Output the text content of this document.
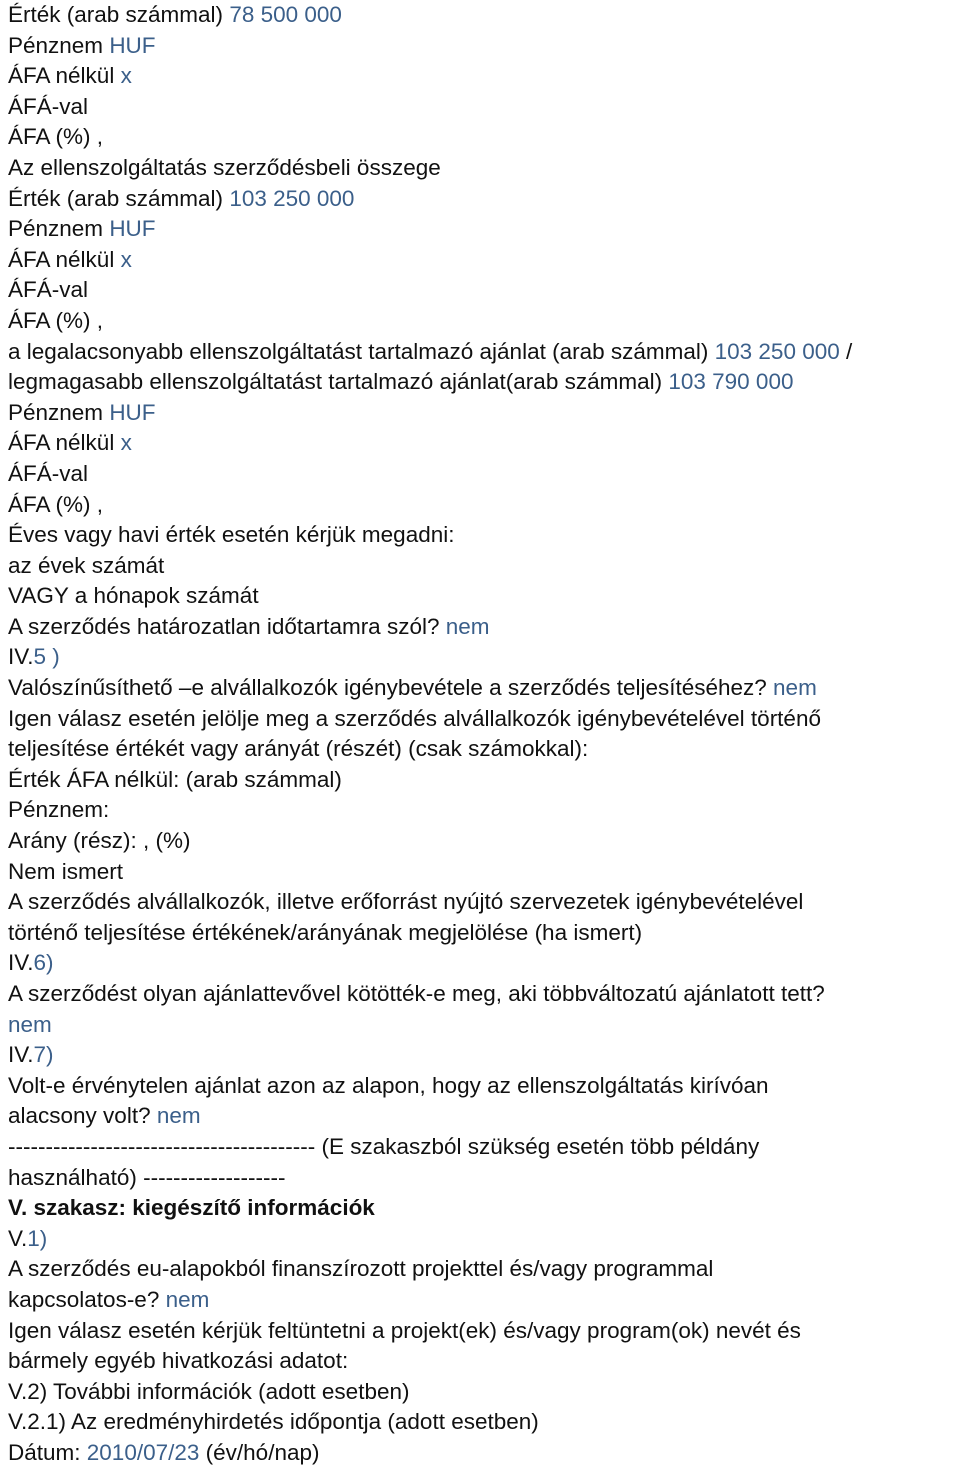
Érték (arab számmal) 78 500 000
Pénznem HUF
ÁFA nélkül x
ÁFÁ-val
ÁFA (%) ,
Az ellenszolgáltatás szerződésbeli összege
Érték (arab számmal) 103 250 000
Pénznem HUF
ÁFA nélkül x
ÁFÁ-val
ÁFA (%) ,
a legalacsonyabb ellenszolgáltatást tartalmazó ajánlat (arab számmal) 103 250 000 /
legmagasabb ellenszolgáltatást tartalmazó ajánlat(arab számmal) 103 790 000
Pénznem HUF
ÁFA nélkül x
ÁFÁ-val
ÁFA (%) ,
Éves vagy havi érték esetén kérjük megadni:
az évek számát
VAGY a hónapok számát
A szerződés határozatlan időtartamra szól? nem
IV.5 )
Valószínűsíthető –e alvállalkozók igénybevétele a szerződés teljesítéséhez? nem
Igen válasz esetén jelölje meg a szerződés alvállalkozók igénybevételével történő
teljesítése értékét vagy arányát (részét) (csak számokkal):
Érték ÁFA nélkül: (arab számmal)
Pénznem:
Arány (rész): , (%)
Nem ismert
A szerződés alvállalkozók, illetve erőforrást nyújtó szervezetek igénybevételével
történő teljesítése értékének/arányának megjelölése (ha ismert)
IV.6)
A szerződést olyan ajánlattevővel kötötték-e meg, aki többváltozatú ajánlatott tett?
nem
IV.7)
Volt-e érvénytelen ajánlat azon az alapon, hogy az ellenszolgáltatás kirívóan
alacsony volt? nem
----------------------------------------- (E szakaszból szükség esetén több példány
használható) -------------------
V. szakasz: kiegészítő információk
V.1)
A szerződés eu-alapokból finanszírozott projekttel és/vagy programmal
kapcsolatos-e? nem
Igen válasz esetén kérjük feltüntetni a projekt(ek) és/vagy program(ok) nevét és
bármely egyéb hivatkozási adatot:
V.2) További információk (adott esetben)
V.2.1) Az eredményhirdetés időpontja (adott esetben)
Dátum: 2010/07/23 (év/hó/nap)
